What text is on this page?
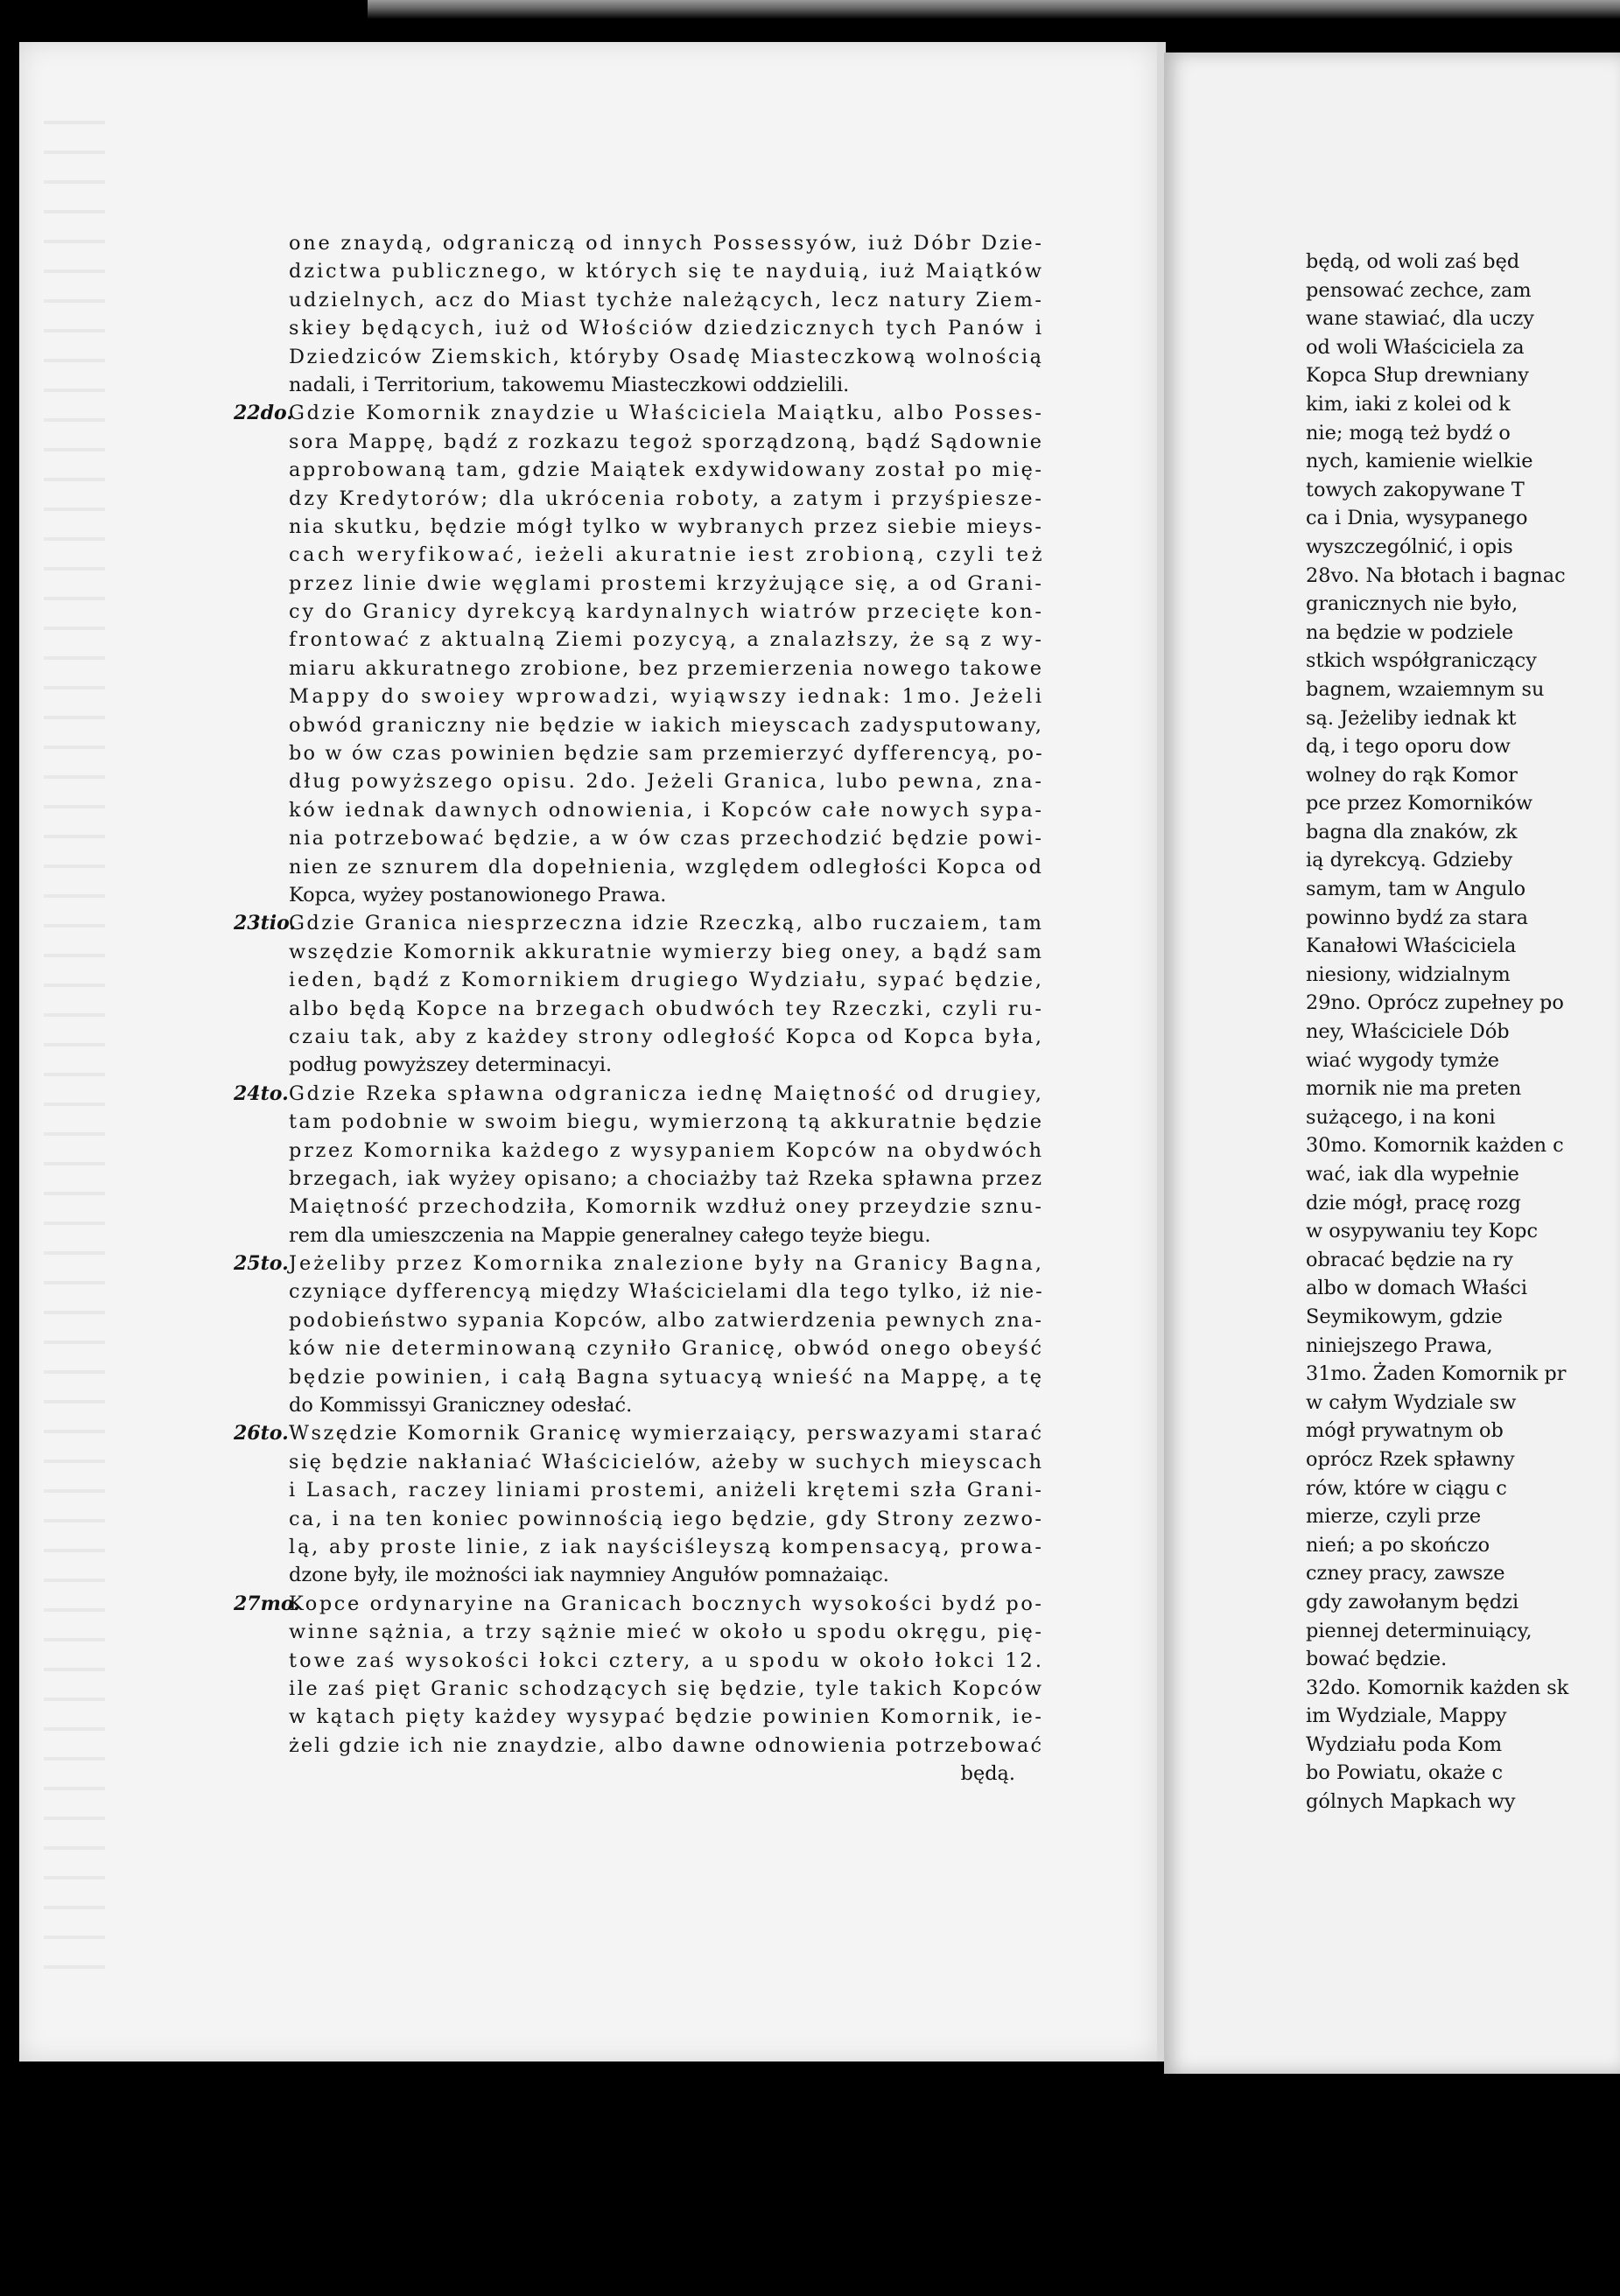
one znaydą, odgraniczą od innych Possessyów, iuż Dóbr Dzie-
dzictwa publicznego, w których się te nayduią, iuż Maiątków
udzielnych, acz do Miast tychże należących, lecz natury Ziem-
skiey będących, iuż od Włościów dziedzicznych tych Panów i
Dziedziców Ziemskich, któryby Osadę Miasteczkową wolnością
nadali, i Territorium, takowemu Miasteczkowi oddzielili.
22do.
Gdzie Komornik znaydzie u Właściciela Maiątku, albo Posses-
sora Mappę, bądź z rozkazu tegoż sporządzoną, bądź Sądownie
approbowaną tam, gdzie Maiątek exdywidowany został po mię-
dzy Kredytorów; dla ukrócenia roboty, a zatym i przyśpiesze-
nia skutku, będzie mógł tylko w wybranych przez siebie mieys-
cach weryfikować, ieżeli akuratnie iest zrobioną, czyli też
przez linie dwie węglami prostemi krzyżujące się, a od Grani-
cy do Granicy dyrekcyą kardynalnych wiatrów przecięte kon-
frontować z aktualną Ziemi pozycyą, a znalazłszy, że są z wy-
miaru akkuratnego zrobione, bez przemierzenia nowego takowe
Mappy do swoiey wprowadzi, wyiąwszy iednak: 1mo. Jeżeli
obwód graniczny nie będzie w iakich mieyscach zadysputowany,
bo w ów czas powinien będzie sam przemierzyć dyfferencyą, po-
dług powyższego opisu. 2do. Jeżeli Granica, lubo pewna, zna-
ków iednak dawnych odnowienia, i Kopców całe nowych sypa-
nia potrzebować będzie, a w ów czas przechodzić będzie powi-
nien ze sznurem dla dopełnienia, względem odległości Kopca od
Kopca, wyżey postanowionego Prawa.
23tio.
Gdzie Granica niesprzeczna idzie Rzeczką, albo ruczaiem, tam
wszędzie Komornik akkuratnie wymierzy bieg oney, a bądź sam
ieden, bądź z Komornikiem drugiego Wydziału, sypać będzie,
albo będą Kopce na brzegach obudwóch tey Rzeczki, czyli ru-
czaiu tak, aby z każdey strony odległość Kopca od Kopca była,
podług powyższey determinacyi.
24to. Gdzie Rzeka spławna odgranicza iednę Maiętność od drugiey,
tam podobnie w swoim biegu, wymierzoną tą akkuratnie będzie
przez Komornika każdego z wysypaniem Kopców na obydwóch
brzegach, iak wyżey opisano; a chociażby taż Rzeka spławna przez
Maiętność przechodziła, Komornik wzdłuż oney przeydzie sznu-
rem dla umieszczenia na Mappie generalney całego teyże biegu.
25to. Jeżeliby przez Komornika znalezione były na Granicy Bagna,
czyniące dyfferencyą między Właścicielami dla tego tylko, iż nie-
podobieństwo sypania Kopców, albo zatwierdzenia pewnych zna-
ków nie determinowaną czyniło Granicę, obwód onego obeyść
będzie powinien, i całą Bagna sytuacyą wnieść na Mappę, a tę
do Kommissyi Graniczney odesłać.
26to. Wszędzie Komornik Granicę wymierzaiący, perswazyami starać
się będzie nakłaniać Właścicielów, ażeby w suchych mieyscach
i Lasach, raczey liniami prostemi, aniżeli krętemi szła Grani-
ca, i na ten koniec powinnością iego będzie, gdy Strony zezwo-
lą, aby proste linie, z iak nayściśleyszą kompensacyą, prowa-
dzone były, ile możności iak naymniey Angułów pomnażaiąc.
27mo.
Kopce ordynaryine na Granicach bocznych wysokości bydź po-
winne sążnia, a trzy sążnie mieć w około u spodu okręgu, pię-
towe zaś wysokości łokci cztery, a u spodu w około łokci 12.
ile zaś pięt Granic schodzących się będzie, tyle takich Kopców
w kątach pięty każdey wysypać będzie powinien Komornik, ie-
żeli gdzie ich nie znaydzie, albo dawne odnowienia potrzebować
będą.
będą, od woli zaś będ
pensować zechce, zam
wane stawiać, dla uczy
od woli Właściciela za
Kopca Słup drewniany
kim, iaki z kolei od k
nie; mogą też bydź o
nych, kamienie wielkie
towych zakopywane T
ca i Dnia, wysypanego
wyszczególnić, i opis
28vo. Na błotach i bagnac
granicznych nie było,
na będzie w podziele
stkich współgraniczący
bagnem, wzaiemnym su
są. Jeżeliby iednak kt
dą, i tego oporu dow
wolney do rąk Komor
pce przez Komorników
bagna dla znaków, zk
ią dyrekcyą. Gdzieby
samym, tam w Angulo
powinno bydź za stara
Kanałowi Właściciela
niesiony, widzialnym
29no. Oprócz zupełney po
ney, Właściciele Dób
wiać wygody tymże
mornik nie ma preten
sużącego, i na koni
30mo. Komornik każden c
wać, iak dla wypełnie
dzie mógł, pracę rozg
w osypywaniu tey Kopc
obracać będzie na ry
albo w domach Właści
Seymikowym, gdzie
niniejszego Prawa,
31mo. Żaden Komornik pr
w całym Wydziale sw
mógł prywatnym ob
oprócz Rzek spławny
rów, które w ciągu c
mierze, czyli prze
nień; a po skończo
czney pracy, zawsze
gdy zawołanym będzi
piennej determinuiący,
bować będzie.
32do. Komornik każden sk
im Wydziale, Mappy
Wydziału poda Kom
bo Powiatu, okaże c
gólnych Mapkach wy
